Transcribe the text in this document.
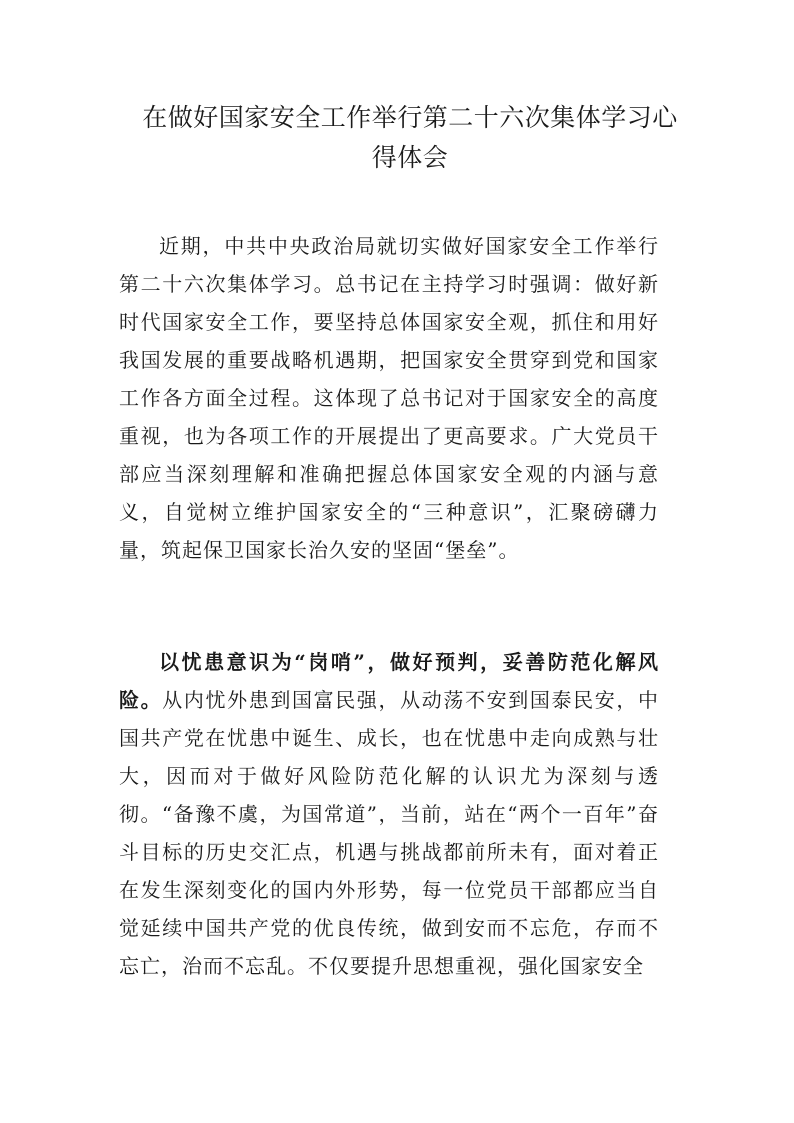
在做好国家安全工作举行第二十六次集体学习心得体会

近期，中共中央政治局就切实做好国家安全工作举行第二十六次集体学习。总书记在主持学习时强调：做好新时代国家安全工作，要坚持总体国家安全观，抓住和用好我国发展的重要战略机遇期，把国家安全贯穿到党和国家工作各方面全过程。这体现了总书记对于国家安全的高度重视，也为各项工作的开展提出了更高要求。广大党员干部应当深刻理解和准确把握总体国家安全观的内涵与意义，自觉树立维护国家安全的“三种意识”，汇聚磅礴力量，筑起保卫国家长治久安的坚固“堡垒”。

以忧患意识为“岗哨”，做好预判，妥善防范化解风险。从内忧外患到国富民强，从动荡不安到国泰民安，中国共产党在忧患中诞生、成长，也在忧患中走向成熟与壮大，因而对于做好风险防范化解的认识尤为深刻与透彻。“备豫不虞，为国常道”，当前，站在“两个一百年”奋斗目标的历史交汇点，机遇与挑战都前所未有，面对着正在发生深刻变化的国内外形势，每一位党员干部都应当自觉延续中国共产党的优良传统，做到安而不忘危，存而不忘亡，治而不忘乱。不仅要提升思想重视，强化国家安全
